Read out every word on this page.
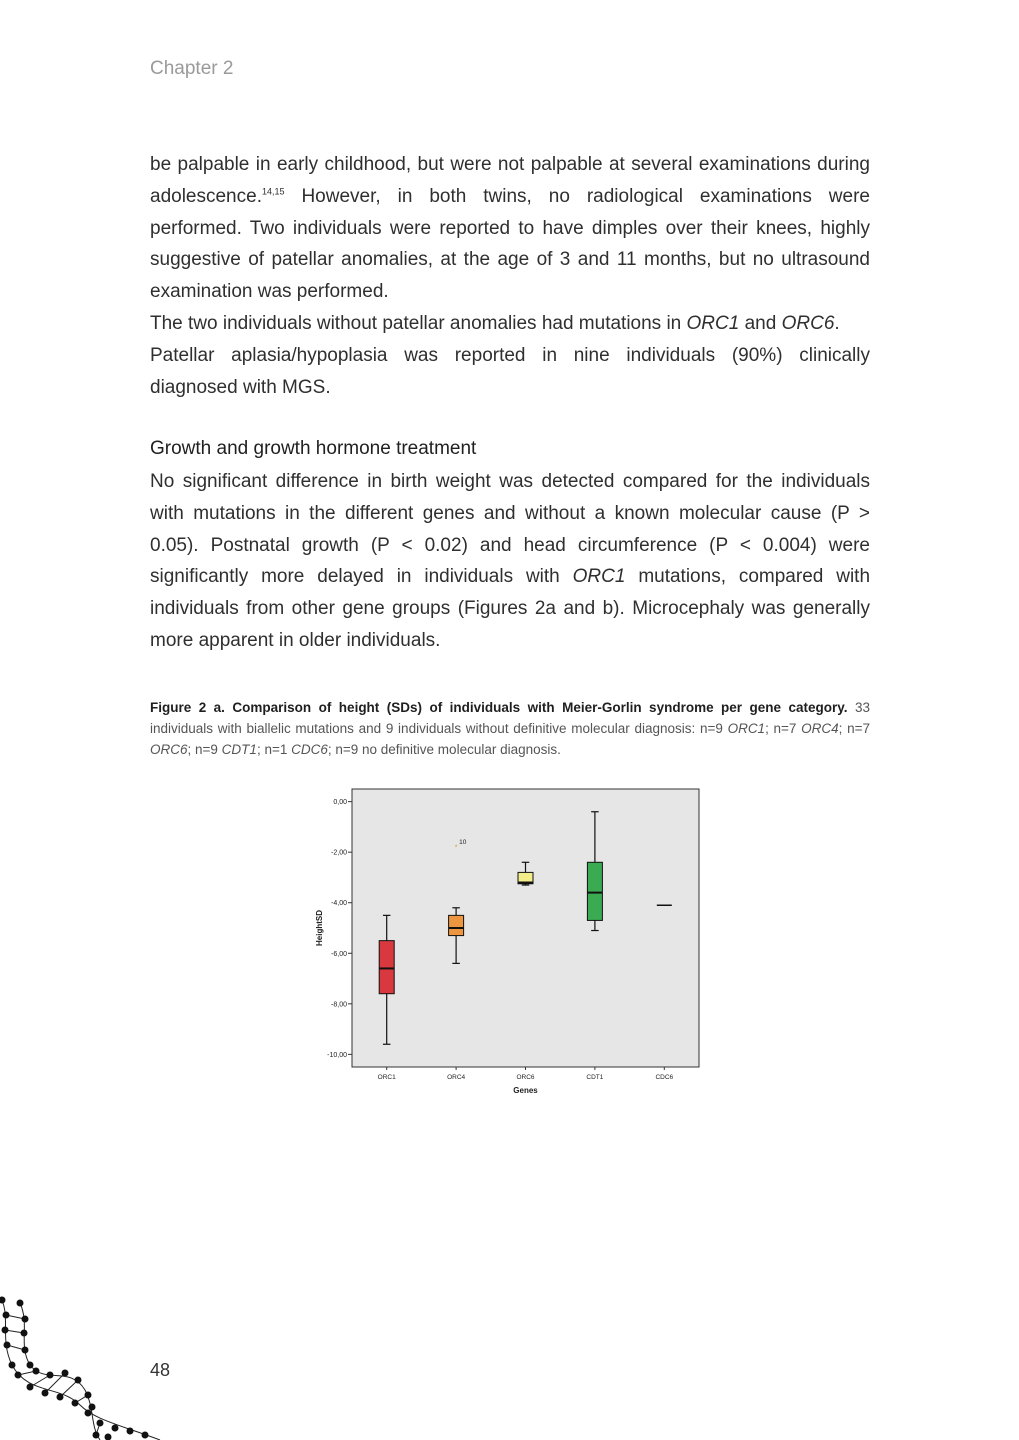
Chapter 2

be palpable in early childhood, but were not palpable at several examinations during adolescence.$^{14,15}$ However, in both twins, no radiological examinations were performed. Two individuals were reported to have dimples over their knees, highly suggestive of patellar anomalies, at the age of 3 and 11 months, but no ultrasound examination was performed.

The two individuals without patellar anomalies had mutations in ORC1 and ORC6.

Patellar aplasia/hypoplasia was reported in nine individuals (90%) clinically diagnosed with MGS.

Growth and growth hormone treatment

No significant difference in birth weight was detected compared for the individuals with mutations in the different genes and without a known molecular cause (P > 0.05). Postnatal growth (P < 0.02) and head circumference (P < 0.004) were significantly more delayed in individuals with ORC1 mutations, compared with individuals from other gene groups (Figures 2a and b). Microcephaly was generally more apparent in older individuals.

Figure 2 a. Comparison of height (SDs) of individuals with Meier-Gorlin syndrome per gene category. 33 individuals with biallelic mutations and 9 individuals without definitive molecular diagnosis: n=9 ORC1; n=7 ORC4; n=7 ORC6; n=9 CDT1; n=1 CDC6; n=9 no definitive molecular diagnosis.
0,00
-2,00
-4,00
-6,00
-8,00
-10,00
ORC1	ORC4	ORC6	CDT1	CDC6
*
10
Genes
HeightSD
48
